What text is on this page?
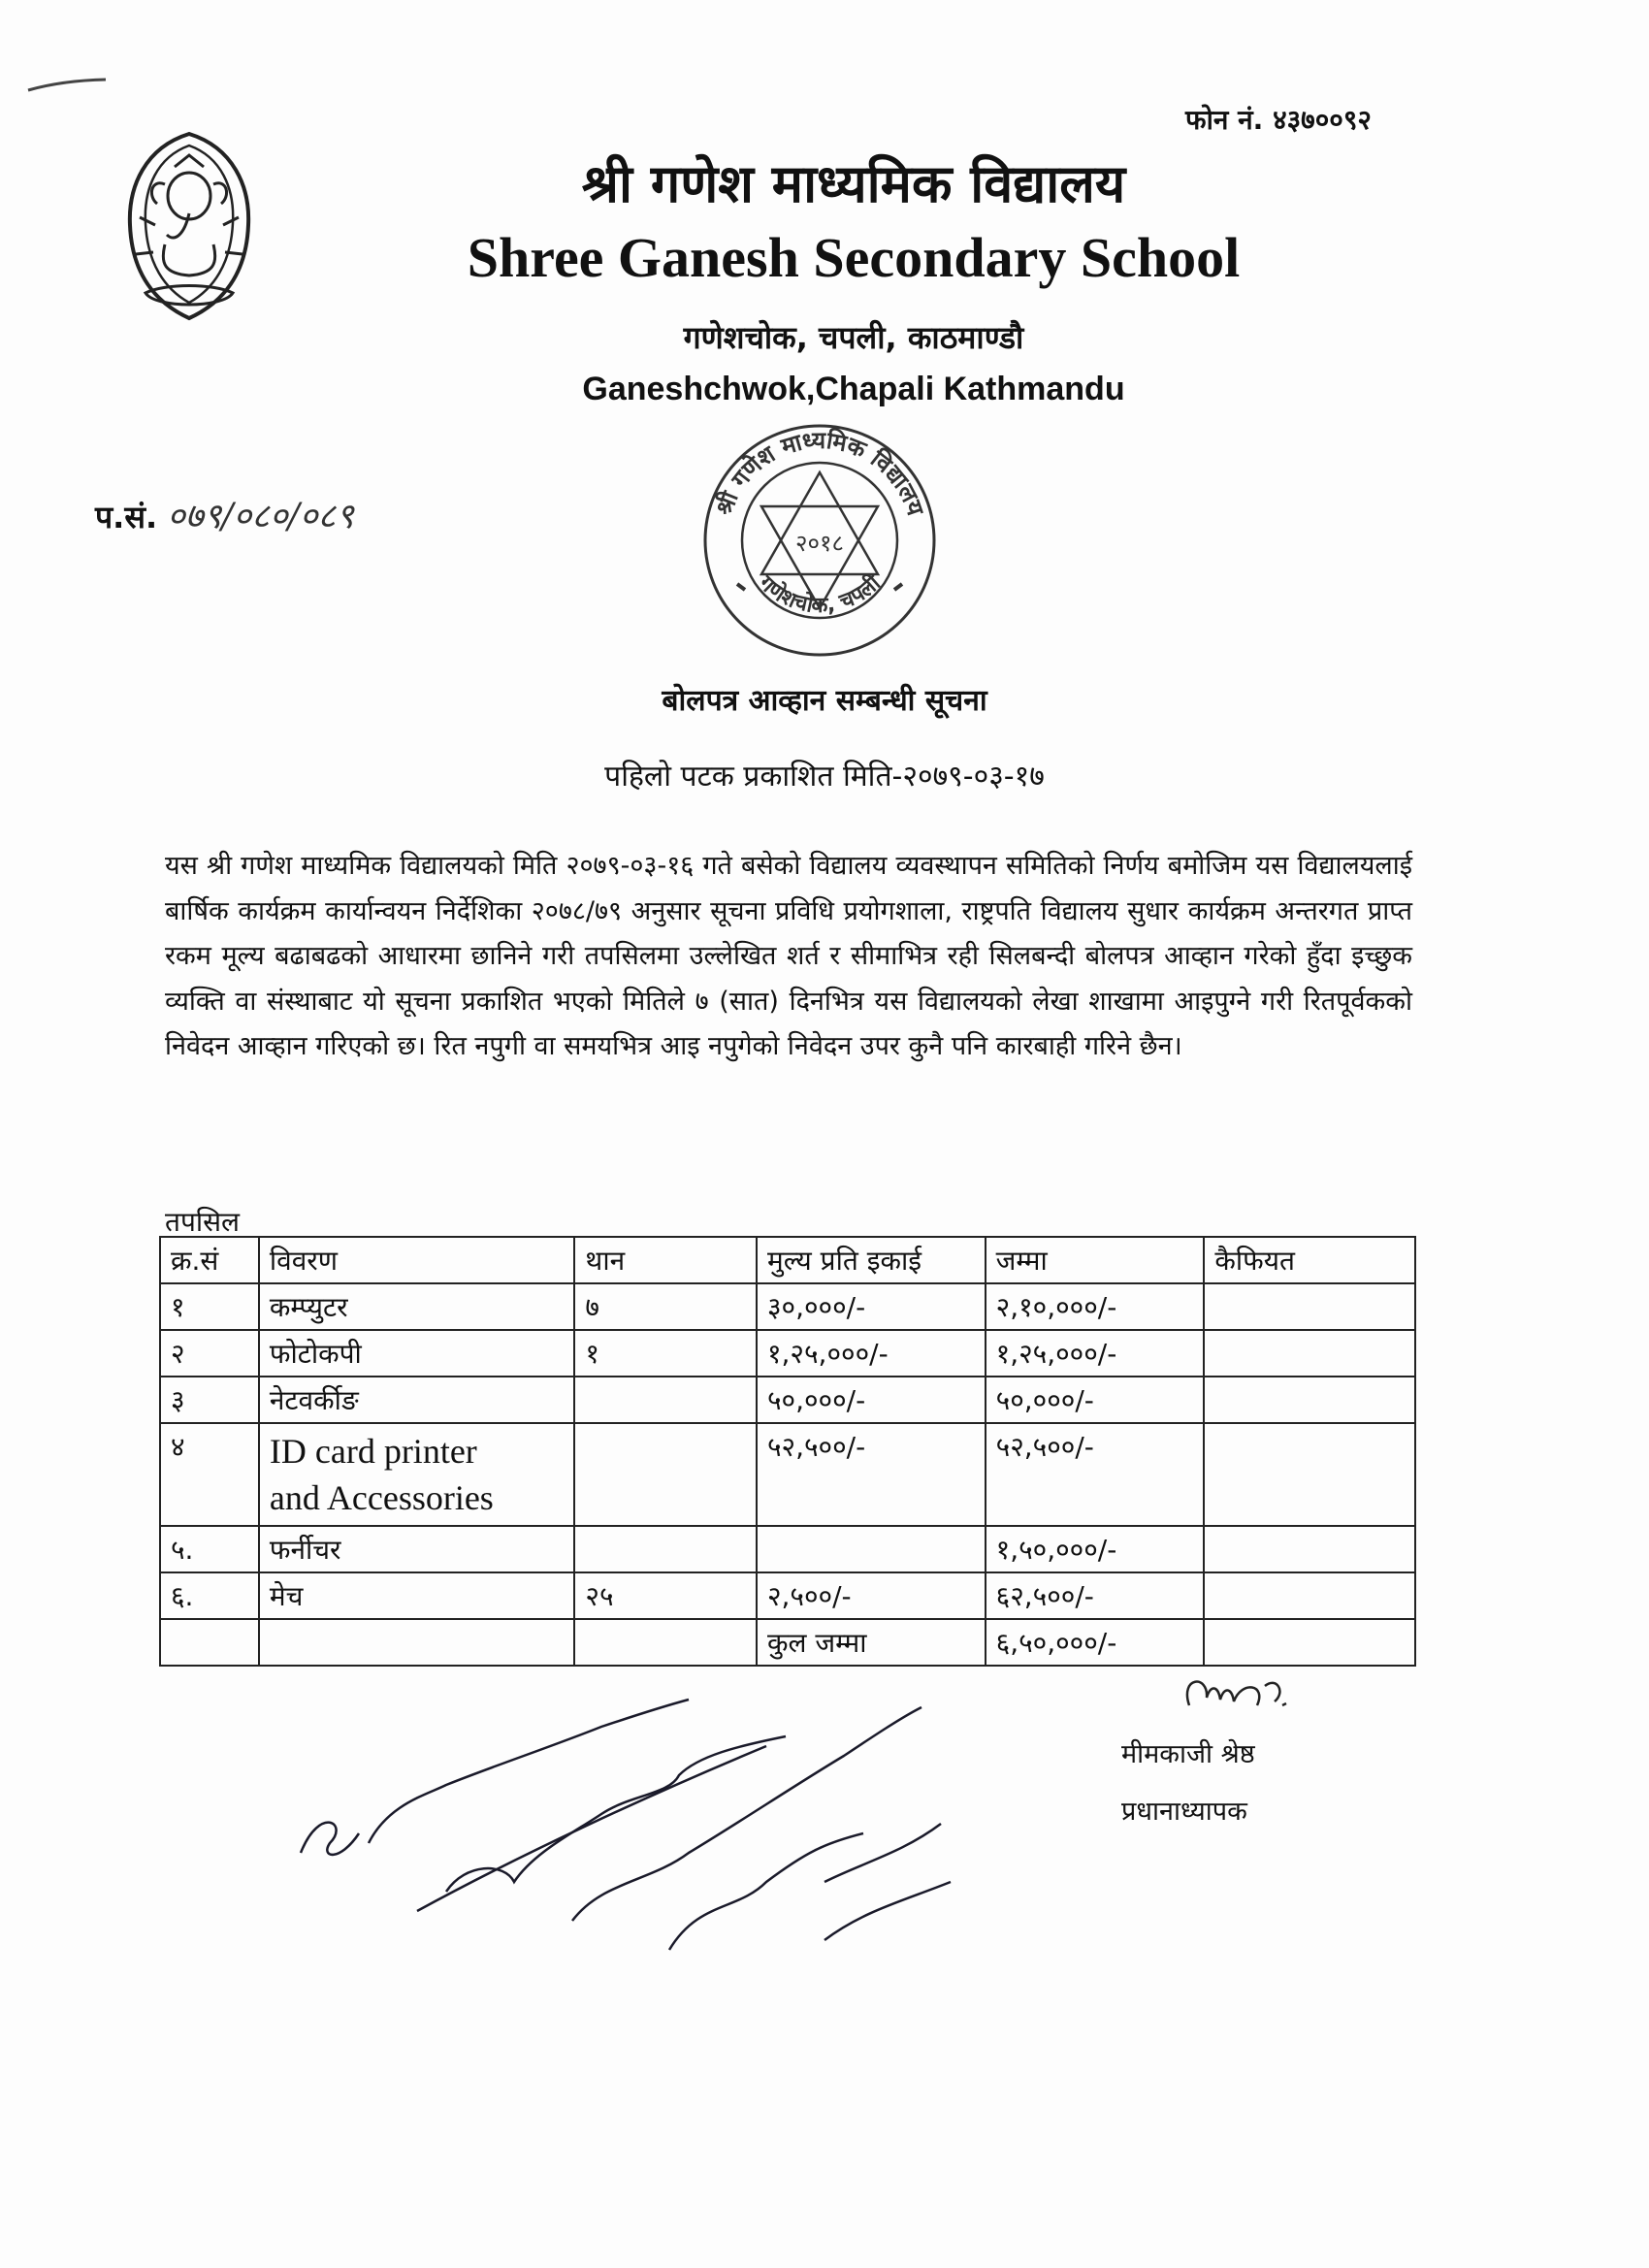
फोन नं. ४३७००९२
श्री गणेश माध्यमिक विद्यालय
Shree Ganesh Secondary School
गणेशचोक, चपली, काठमाण्डौ
Ganeshchwok,Chapali Kathmandu
प.सं. ०७९/०८०/०८९	श्री गणेश माध्यमिक विद्यालय
गणेशचोक, चपली
२०१८
बोलपत्र आव्हान सम्बन्धी सूचना
पहिलो पटक प्रकाशित मिति-२०७९-०३-१७
यस श्री गणेश माध्यमिक विद्यालयको मिति २०७९-०३-१६ गते बसेको विद्यालय व्यवस्थापन समितिको निर्णय बमोजिम यस विद्यालयलाई बार्षिक कार्यक्रम कार्यान्वयन निर्देशिका २०७८/७९ अनुसार सूचना प्रविधि प्रयोगशाला, राष्ट्रपति विद्यालय सुधार कार्यक्रम अन्तरगत प्राप्त रकम मूल्य बढाबढको आधारमा छानिने गरी तपसिलमा उल्लेखित शर्त र सीमाभित्र रही सिलबन्दी बोलपत्र आव्हान गरेको हुँदा इच्छुक व्यक्ति वा संस्थाबाट यो सूचना प्रकाशित भएको मितिले ७ (सात) दिनभित्र यस विद्यालयको लेखा शाखामा आइपुग्ने गरी रितपूर्वकको निवेदन आव्हान गरिएको छ। रित नपुगी वा समयभित्र आइ नपुगेको निवेदन उपर कुनै पनि कारबाही गरिने छैन।
तपसिल
क्र.सं	विवरण	थान	मुल्य प्रति इकाई	जम्मा	कैफियत
१	कम्प्युटर	७	३०,०००/-	२,१०,०००/-	
२	फोटोकपी	१	१,२५,०००/-	१,२५,०००/-	
३	नेटवर्कीङ		५०,०००/-	५०,०००/-	
४	ID card printer
and Accessories		५२,५००/-	५२,५००/-	
५.	फर्नीचर			१,५०,०००/-	
६.	मेच	२५	२,५००/-	६२,५००/-	
			कुल जम्मा	६,५०,०००/-	
मीमकाजी श्रेष्ठ
प्रधानाध्यापक
